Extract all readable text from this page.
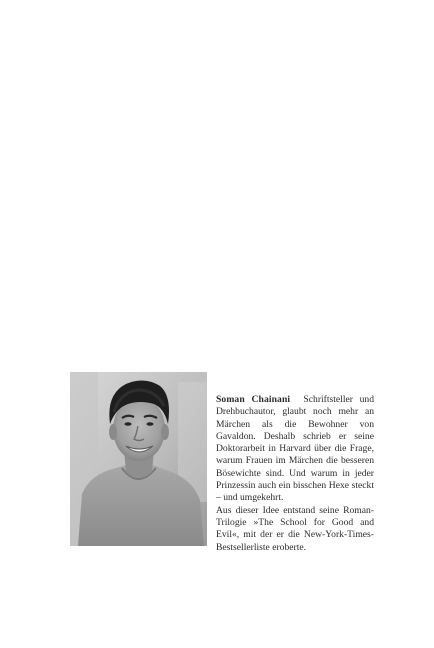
Soman Chainani Schriftsteller und Drehbuchautor, glaubt noch mehr an Märchen als die Bewohner von Gavaldon. Deshalb schrieb er seine Doktorarbeit in Harvard über die Frage, warum Frauen im Märchen die besseren Bösewichte sind. Und warum in jeder Prinzessin auch ein bisschen Hexe steckt – und umgekehrt.

Aus dieser Idee entstand seine Roman-Trilogie »The School for Good and Evil«, mit der er die New-York-Times-Bestsellerliste eroberte.
